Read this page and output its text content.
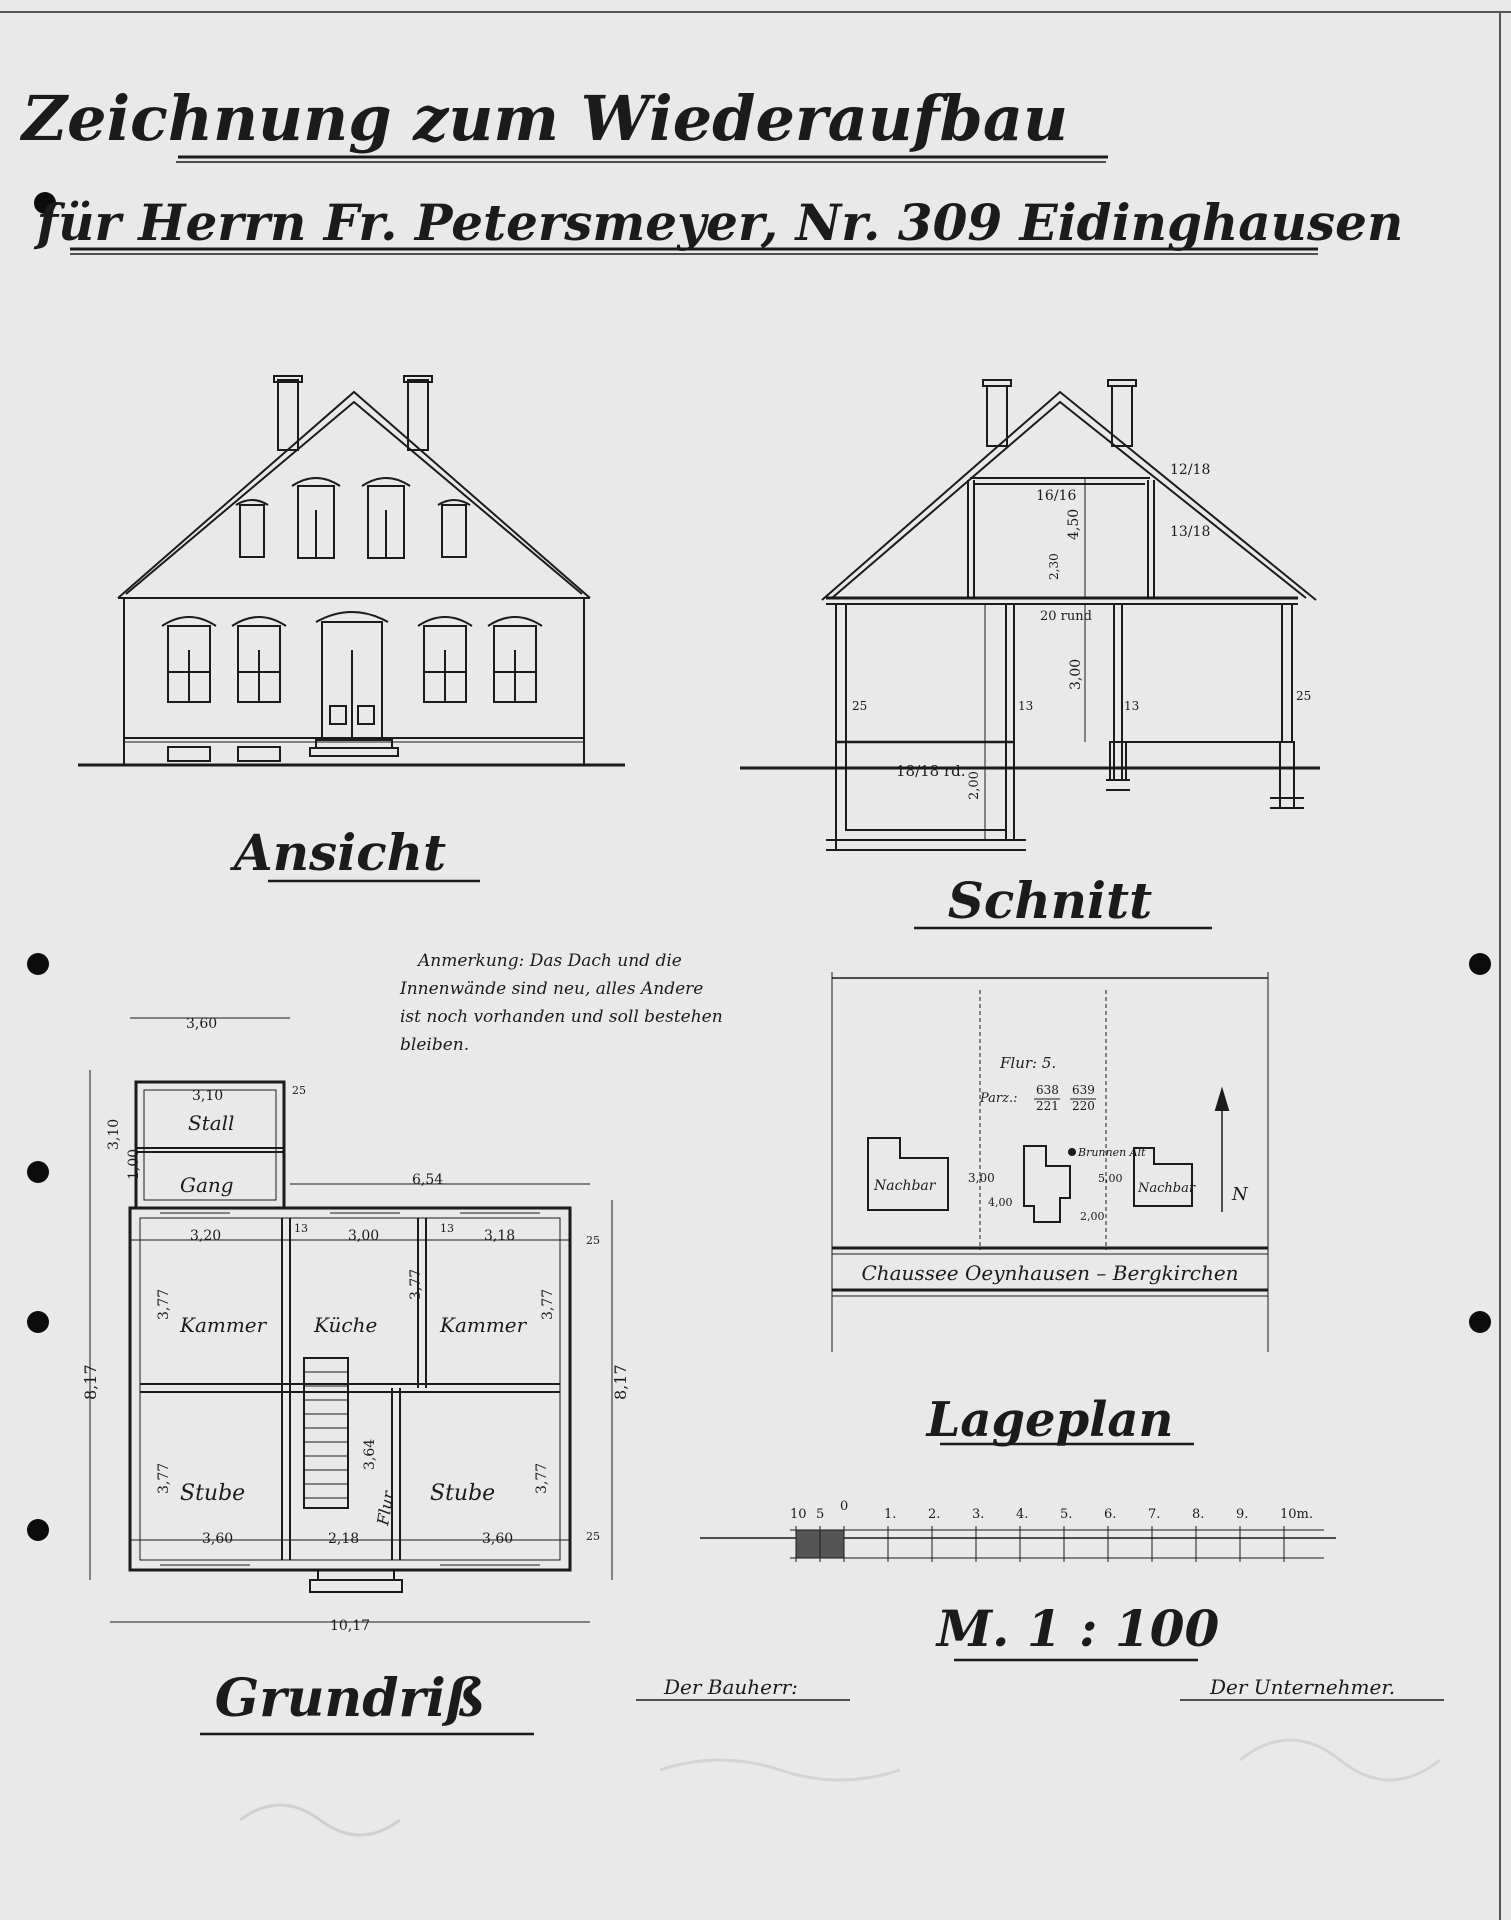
Zeichnung zum Wiederaufbau
für Herrn Fr. Petersmeyer, Nr. 309 Eidinghausen
Ansicht
12/18
16/16
13/18
4,50
2,30
20 rund
3,00
25	13	13
25
18/18 rd.
2,00
Schnitt
Anmerkung: Das Dach und die
Innenwände sind neu, alles Andere
ist noch vorhanden und soll bestehen
bleiben.
Stall
Gang
Kammer Küche	Kammer
Stube	Flur Stube
3,60
3,10
3,10
1,00	6,54
3,20	3,00	3,18
8,17	8,17
3,77
3,77
3,77
3,77
3,64
3,77
3,60	2,18	3,60
10,17
25
25
25
13	13
Grundriß
Flur: 5.
Parz.:
638
221
639
220
Nachbar	Nachbar
Brunnen Alt
3,00
4,00
5,00
2,00
N
Chaussee Oeynhausen – Bergkirchen
Lageplan
10 5
0
1. 2. 3. 4. 5. 6. 7. 8. 9. 10m.
M. 1 : 100
Der Bauherr:	Der Unternehmer.
